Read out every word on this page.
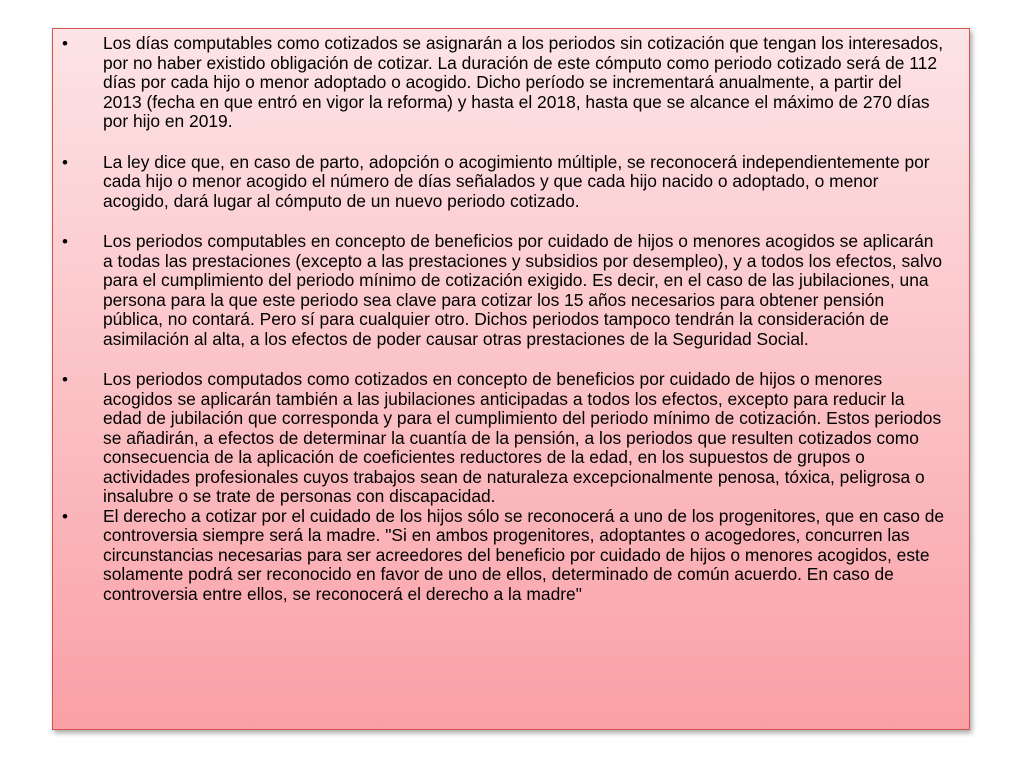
• Los días computables como cotizados se asignarán a los periodos sin cotización que tengan los interesados, por no haber existido obligación de cotizar. La duración de este cómputo como periodo cotizado será de 112 días por cada hijo o menor adoptado o acogido. Dicho período se incrementará anualmente, a partir del 2013 (fecha en que entró en vigor la reforma) y hasta el 2018, hasta que se alcance el máximo de 270 días por hijo en 2019.
• La ley dice que, en caso de parto, adopción o acogimiento múltiple, se reconocerá independientemente por cada hijo o menor acogido el número de días señalados y que cada hijo nacido o adoptado, o menor acogido, dará lugar al cómputo de un nuevo periodo cotizado.
• Los periodos computables en concepto de beneficios por cuidado de hijos o menores acogidos se aplicarán a todas las prestaciones (excepto a las prestaciones y subsidios por desempleo), y a todos los efectos, salvo para el cumplimiento del periodo mínimo de cotización exigido. Es decir, en el caso de las jubilaciones, una persona para la que este periodo sea clave para cotizar los 15 años necesarios para obtener pensión pública, no contará. Pero sí para cualquier otro. Dichos periodos tampoco tendrán la consideración de asimilación al alta, a los efectos de poder causar otras prestaciones de la Seguridad Social.
• Los periodos computados como cotizados en concepto de beneficios por cuidado de hijos o menores acogidos se aplicarán también a las jubilaciones anticipadas a todos los efectos, excepto para reducir la edad de jubilación que corresponda y para el cumplimiento del periodo mínimo de cotización. Estos periodos se añadirán, a efectos de determinar la cuantía de la pensión, a los periodos que resulten cotizados como consecuencia de la aplicación de coeficientes reductores de la edad, en los supuestos de grupos o actividades profesionales cuyos trabajos sean de naturaleza excepcionalmente penosa, tóxica, peligrosa o insalubre o se trate de personas con discapacidad.
• El derecho a cotizar por el cuidado de los hijos sólo se reconocerá a uno de los progenitores, que en caso de controversia siempre será la madre. "Si en ambos progenitores, adoptantes o acogedores, concurren las circunstancias necesarias para ser acreedores del beneficio por cuidado de hijos o menores acogidos, este solamente podrá ser reconocido en favor de uno de ellos, determinado de común acuerdo. En caso de controversia entre ellos, se reconocerá el derecho a la madre"
